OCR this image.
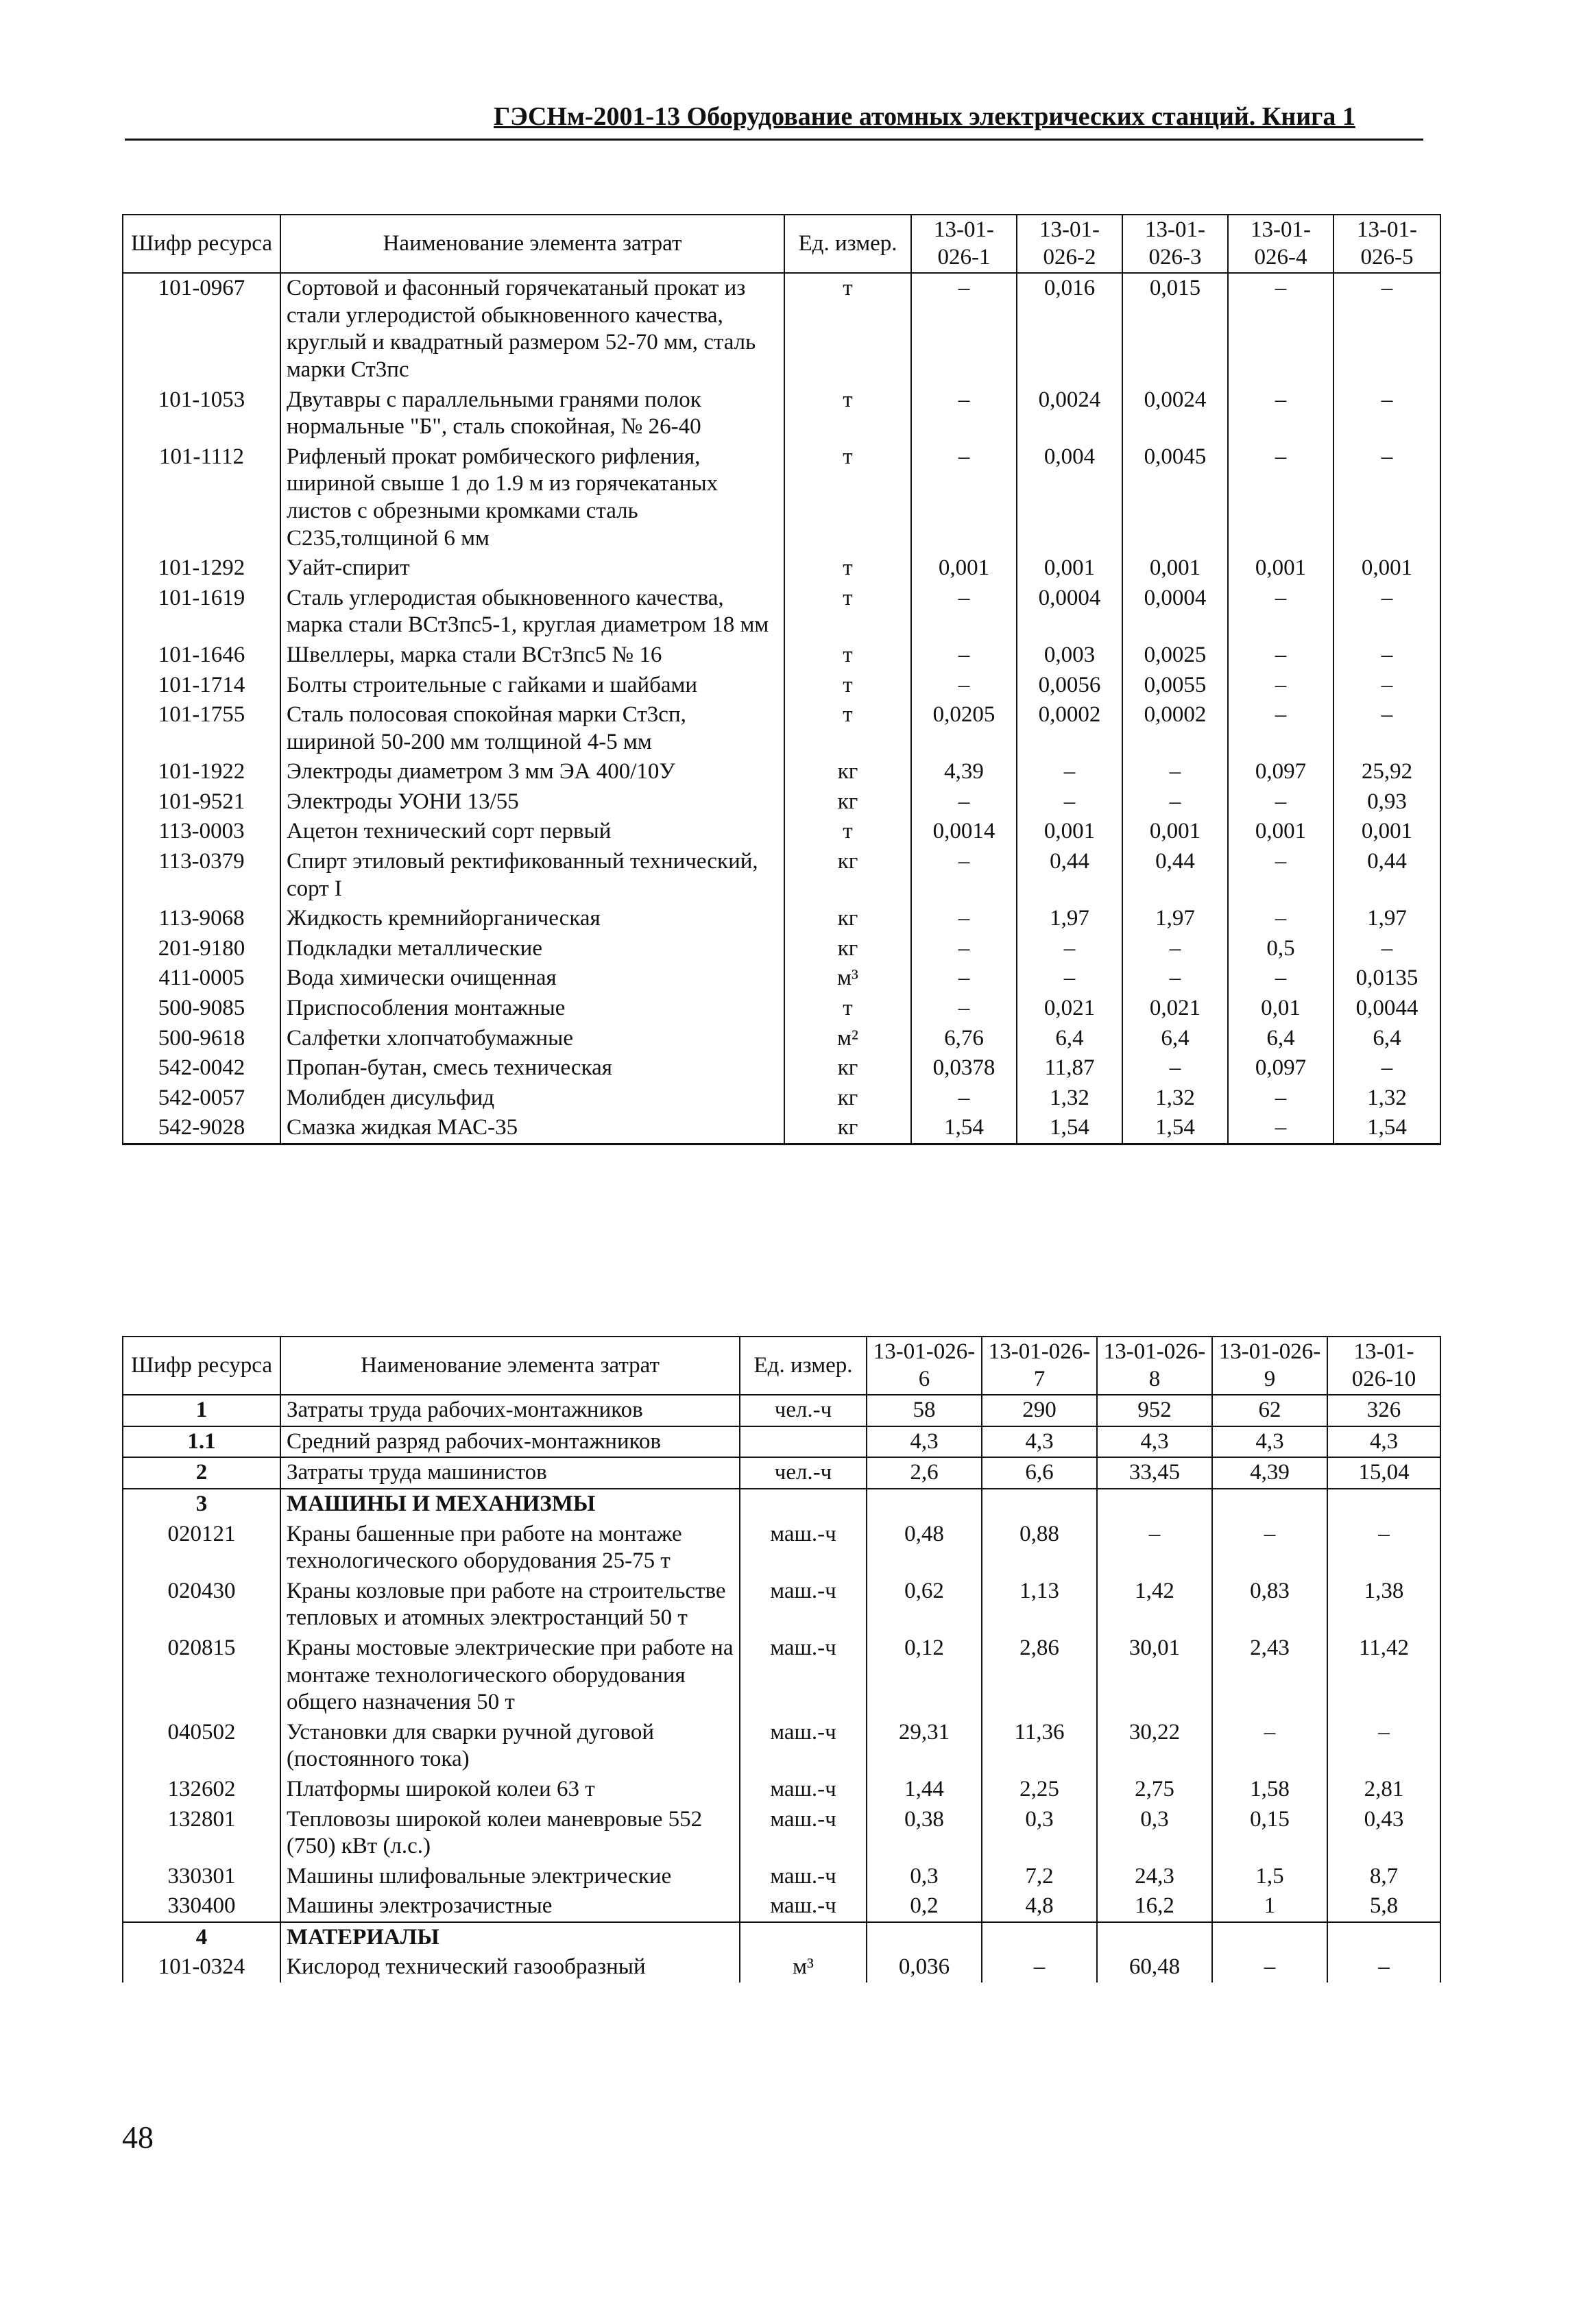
ГЭСНм-2001-13 Оборудование атомных электрических станций. Книга 1
Шифр ресурса	Наименование элемента затрат	Ед. измер.	13-01-026-1	13-01-026-2	13-01-026-3	13-01-026-4	13-01-026-5
101-0967	Сортовой и фасонный горячекатаный прокат из стали углеродистой обыкновенного качества, круглый и квадратный размером 52-70 мм, сталь марки Ст3пс	т	–	0,016	0,015	–	–
101-1053	Двутавры с параллельными гранями полок нормальные "Б", сталь спокойная, № 26-40	т	–	0,0024	0,0024	–	–
101-1112	Рифленый прокат ромбического рифления, шириной свыше 1 до 1.9 м из горячекатаных листов с обрезными кромками сталь С235,толщиной 6 мм	т	–	0,004	0,0045	–	–
101-1292	Уайт-спирит	т	0,001	0,001	0,001	0,001	0,001
101-1619	Сталь углеродистая обыкновенного качества, марка стали ВСт3пс5-1, круглая диаметром 18 мм	т	–	0,0004	0,0004	–	–
101-1646	Швеллеры, марка стали ВСт3пс5 № 16	т	–	0,003	0,0025	–	–
101-1714	Болты строительные с гайками и шайбами	т	–	0,0056	0,0055	–	–
101-1755	Сталь полосовая спокойная марки Ст3сп, шириной 50-200 мм толщиной 4-5 мм	т	0,0205	0,0002	0,0002	–	–
101-1922	Электроды диаметром 3 мм ЭА 400/10У	кг	4,39	–	–	0,097	25,92
101-9521	Электроды УОНИ 13/55	кг	–	–	–	–	0,93
113-0003	Ацетон технический сорт первый	т	0,0014	0,001	0,001	0,001	0,001
113-0379	Спирт этиловый ректификованный технический, сорт I	кг	–	0,44	0,44	–	0,44
113-9068	Жидкость кремнийорганическая	кг	–	1,97	1,97	–	1,97
201-9180	Подкладки металлические	кг	–	–	–	0,5	–
411-0005	Вода химически очищенная	м³	–	–	–	–	0,0135
500-9085	Приспособления монтажные	т	–	0,021	0,021	0,01	0,0044
500-9618	Салфетки хлопчатобумажные	м²	6,76	6,4	6,4	6,4	6,4
542-0042	Пропан-бутан, смесь техническая	кг	0,0378	11,87	–	0,097	–
542-0057	Молибден дисульфид	кг	–	1,32	1,32	–	1,32
542-9028	Смазка жидкая МАС-35	кг	1,54	1,54	1,54	–	1,54
Шифр ресурса	Наименование элемента затрат	Ед. измер.	13-01-026-6	13-01-026-7	13-01-026-8	13-01-026-9	13-01-026-10
1	Затраты труда рабочих-монтажников	чел.-ч	58	290	952	62	326
1.1	Средний разряд рабочих-монтажников		4,3	4,3	4,3	4,3	4,3
2	Затраты труда машинистов	чел.-ч	2,6	6,6	33,45	4,39	15,04
3	МАШИНЫ И МЕХАНИЗМЫ						
020121	Краны башенные при работе на монтаже технологического оборудования 25-75 т	маш.-ч	0,48	0,88	–	–	–
020430	Краны козловые при работе на строительстве тепловых и атомных электростанций 50 т	маш.-ч	0,62	1,13	1,42	0,83	1,38
020815	Краны мостовые электрические при работе на монтаже технологического оборудования общего назначения 50 т	маш.-ч	0,12	2,86	30,01	2,43	11,42
040502	Установки для сварки ручной дуговой (постоянного тока)	маш.-ч	29,31	11,36	30,22	–	–
132602	Платформы широкой колеи 63 т	маш.-ч	1,44	2,25	2,75	1,58	2,81
132801	Тепловозы широкой колеи маневровые 552 (750) кВт (л.с.)	маш.-ч	0,38	0,3	0,3	0,15	0,43
330301	Машины шлифовальные электрические	маш.-ч	0,3	7,2	24,3	1,5	8,7
330400	Машины электрозачистные	маш.-ч	0,2	4,8	16,2	1	5,8
4	МАТЕРИАЛЫ						
101-0324	Кислород технический газообразный	м³	0,036	–	60,48	–	–
48
